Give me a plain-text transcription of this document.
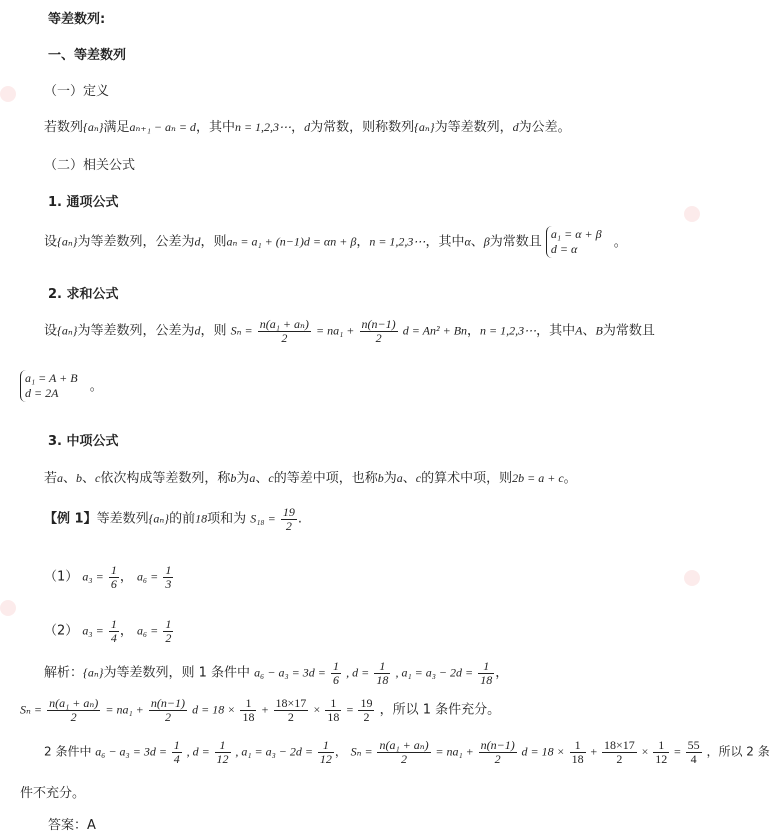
等差数列:
一、等差数列
（一）定义
若数列{aₙ}满足aₙ₊₁ − aₙ = d，其中n = 1,2,3⋯，d为常数，则称数列{aₙ}为等差数列，d为公差。
（二）相关公式
1. 通项公式
设{aₙ}为等差数列，公差为d，则aₙ = a₁ + (n−1)d = αn + β，n = 1,2,3⋯，其中α、β为常数且
a₁ = α + β
d = α	。
2. 求和公式
设{aₙ}为等差数列，公差为d，则 $S_n = \frac{\text{n(a₁ + aₙ)}}{2} = na_1 + \frac{n(n-1)}{2}$ d = An² + Bn，n = 1,2,3⋯，其中A、B为常数且
a₁ = A + B
d = 2A	。
3. 中项公式
若a、b、c依次构成等差数列，称b为a、c的等差中项，也称b为a、c的算术中项，则2b = a + c。
【例 1】等差数列{aₙ}的前18项和为 $S_{18} = \frac{19}{2}$ .
（1） $a_3 = \frac{1}{6}$ ， $a_6 = \frac{1}{3}$
（2） $a_3 = \frac{1}{4}$ ， $a_6 = \frac{1}{2}$
解析：{aₙ}为等差数列，则 1 条件中 $a_6 - a_3 = 3d = \frac{1}{6}$ , $d = \frac{1}{18}$ , $a_1 = a_3 - 2d = \frac{1}{18}$ ，
$S_n = \frac{\text{n(a₁ + aₙ)}}{2} = na_1 + \frac{n(n-1)}{2}$ $d = 18 \times \frac{1}{18} + \frac{18\times 17}{2} \times \frac{1}{18} = \frac{19}{2}$ ，所以 1 条件充分。
2 条件中 $a_6 - a_3 = 3d = \frac{1}{4}$ , $d = \frac{1}{12}$ , $a_1 = a_3 - 2d = \frac{1}{12}$ ， $S_n = \frac{\text{n(a₁ + aₙ)}}{2} = na_1 + \frac{n(n-1)}{2}$ $d = 18 \times \frac{1}{18} + \frac{18\times 17}{2} \times \frac{1}{12} = \frac{55}{4}$ ，所以 2 条
件不充分。
答案：A
